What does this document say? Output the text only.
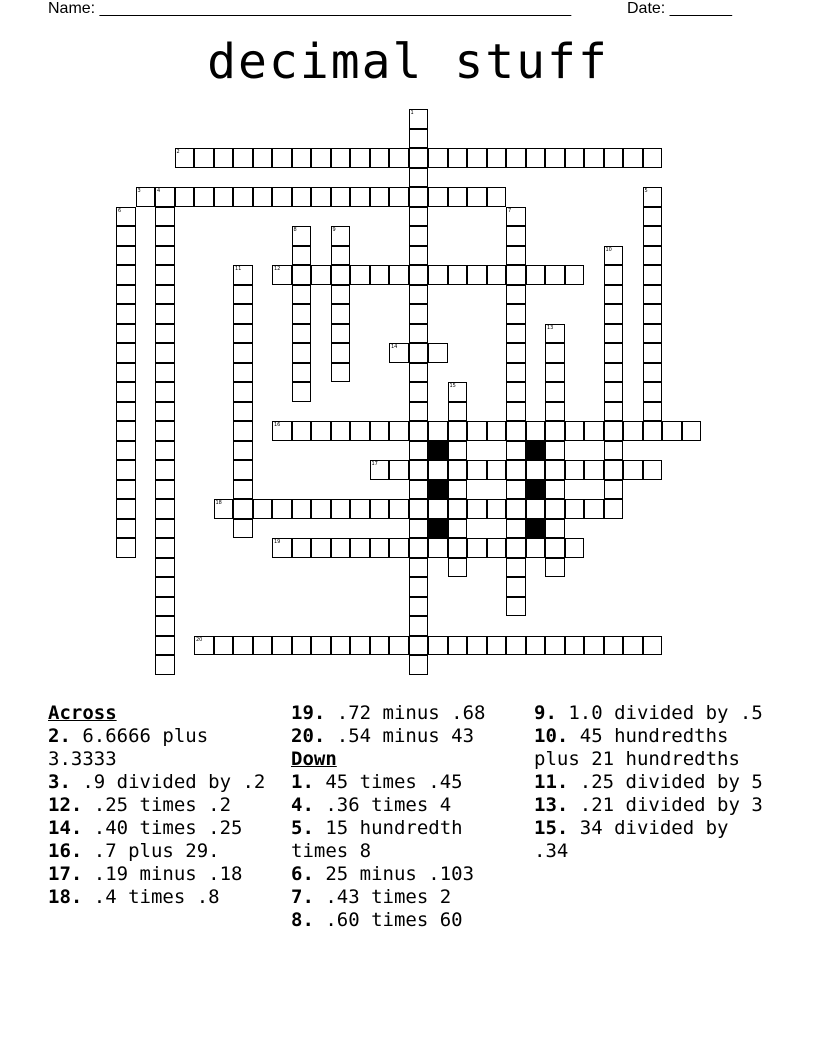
Name: _____________________________________________________	Date: _______
decimal stuff
1
2
3	4	5
6	7
8	9
10
11	12
13
14
15
16
17
18
19
20
Across
2. 6.6666 plus 3.3333
3. .9 divided by .2
12. .25 times .2
14. .40 times .25
16. .7 plus 29.
17. .19 minus .18
18. .4 times .8
19. .72 minus .68
20. .54 minus 43
Down
1. 45 times .45
4. .36 times 4
5. 15 hundredth times 8
6. 25 minus .103
7. .43 times 2
8. .60 times 60
9. 1.0 divided by .5
10. 45 hundredths plus 21 hundredths
11. .25 divided by 5
13. .21 divided by 3
15. 34 divided by .34
